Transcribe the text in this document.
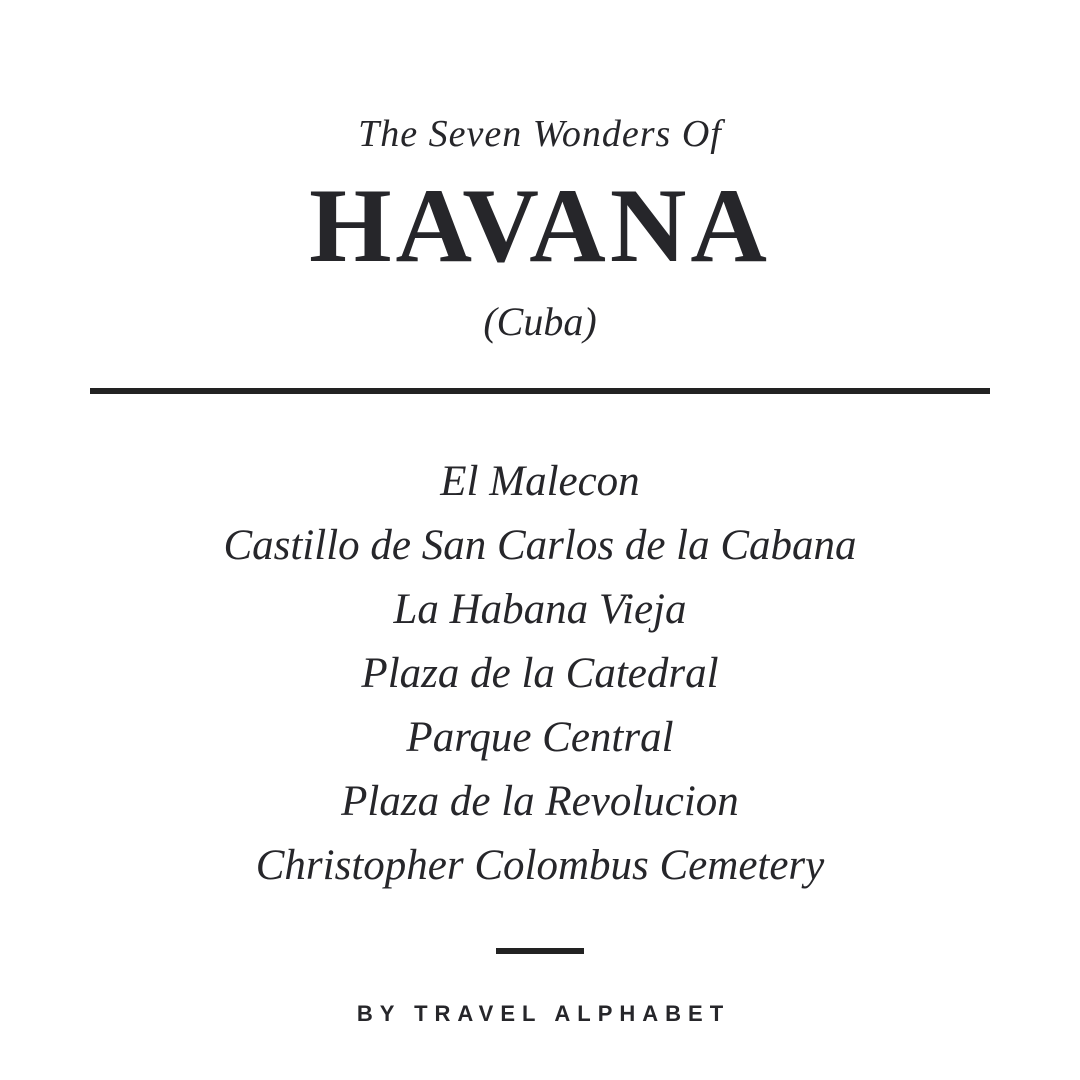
The Seven Wonders Of
HAVANA
(Cuba)
El Malecon
Castillo de San Carlos de la Cabana
La Habana Vieja
Plaza de la Catedral
Parque Central
Plaza de la Revolucion
Christopher Colombus Cemetery
BY TRAVEL ALPHABET
